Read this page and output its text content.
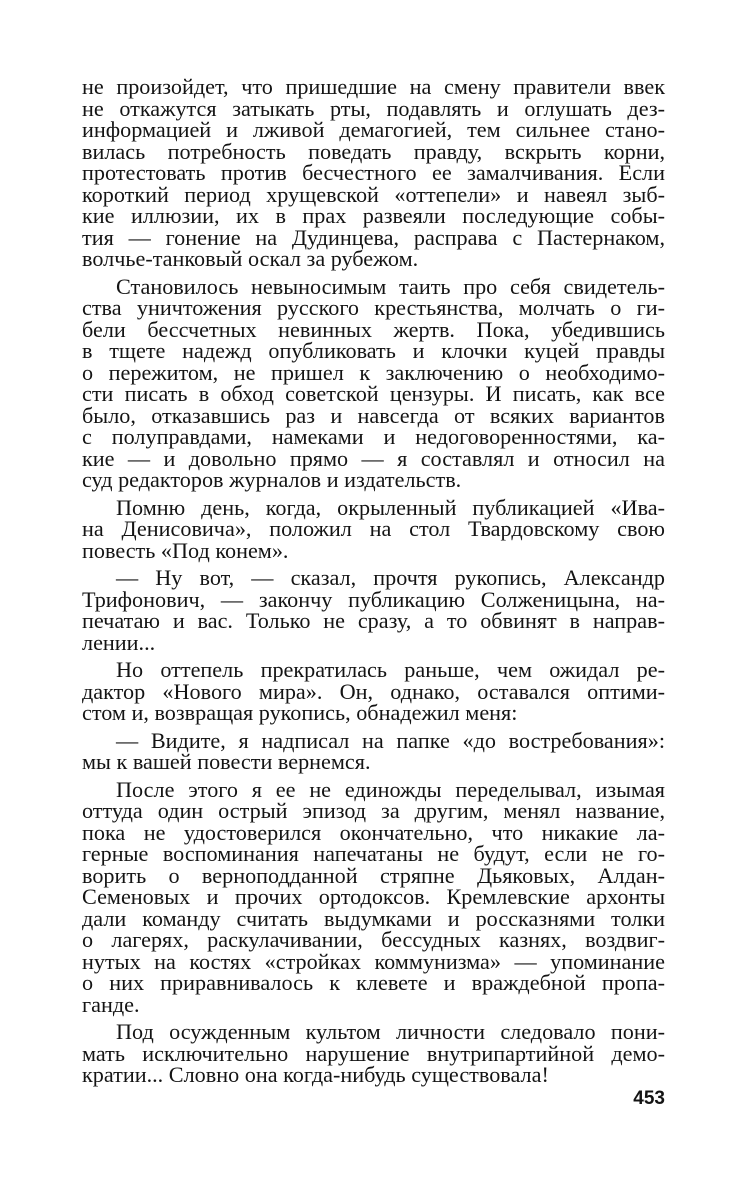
не произойдет, что пришедшие на смену правители ввек
не откажутся затыкать рты, подавлять и оглушать дез-
информацией и лживой демагогией, тем сильнее стано-
вилась потребность поведать правду, вскрыть корни,
протестовать против бесчестного ее замалчивания. Если
короткий период хрущевской «оттепели» и навеял зыб-
кие иллюзии, их в прах развеяли последующие собы-
тия — гонение на Дудинцева, расправа с Пастернаком,
волчье-танковый оскал за рубежом.

Становилось невыносимым таить про себя свидетель-
ства уничтожения русского крестьянства, молчать о ги-
бели бессчетных невинных жертв. Пока, убедившись
в тщете надежд опубликовать и клочки куцей правды
о пережитом, не пришел к заключению о необходимо-
сти писать в обход советской цензуры. И писать, как все
было, отказавшись раз и навсегда от всяких вариантов
с полуправдами, намеками и недоговоренностями, ка-
кие — и довольно прямо — я составлял и относил на
суд редакторов журналов и издательств.

Помню день, когда, окрыленный публикацией «Ива-
на Денисовича», положил на стол Твардовскому свою
повесть «Под конем».

— Ну вот, — сказал, прочтя рукопись, Александр
Трифонович, — закончу публикацию Солженицына, на-
печатаю и вас. Только не сразу, а то обвинят в направ-
лении...

Но оттепель прекратилась раньше, чем ожидал ре-
дактор «Нового мира». Он, однако, оставался оптими-
стом и, возвращая рукопись, обнадежил меня:

— Видите, я надписал на папке «до востребования»:
мы к вашей повести вернемся.

После этого я ее не единожды переделывал, изымая
оттуда один острый эпизод за другим, менял название,
пока не удостоверился окончательно, что никакие ла-
герные воспоминания напечатаны не будут, если не го-
ворить о верноподданной стряпне Дьяковых, Алдан-
Семеновых и прочих ортодоксов. Кремлевские архонты
дали команду считать выдумками и россказнями толки
о лагерях, раскулачивании, бессудных казнях, воздвиг-
нутых на костях «стройках коммунизма» — упоминание
о них приравнивалось к клевете и враждебной пропа-
ганде.

Под осужденным культом личности следовало пони-
мать исключительно нарушение внутрипартийной демо-
кратии... Словно она когда-нибудь существовала!

453
